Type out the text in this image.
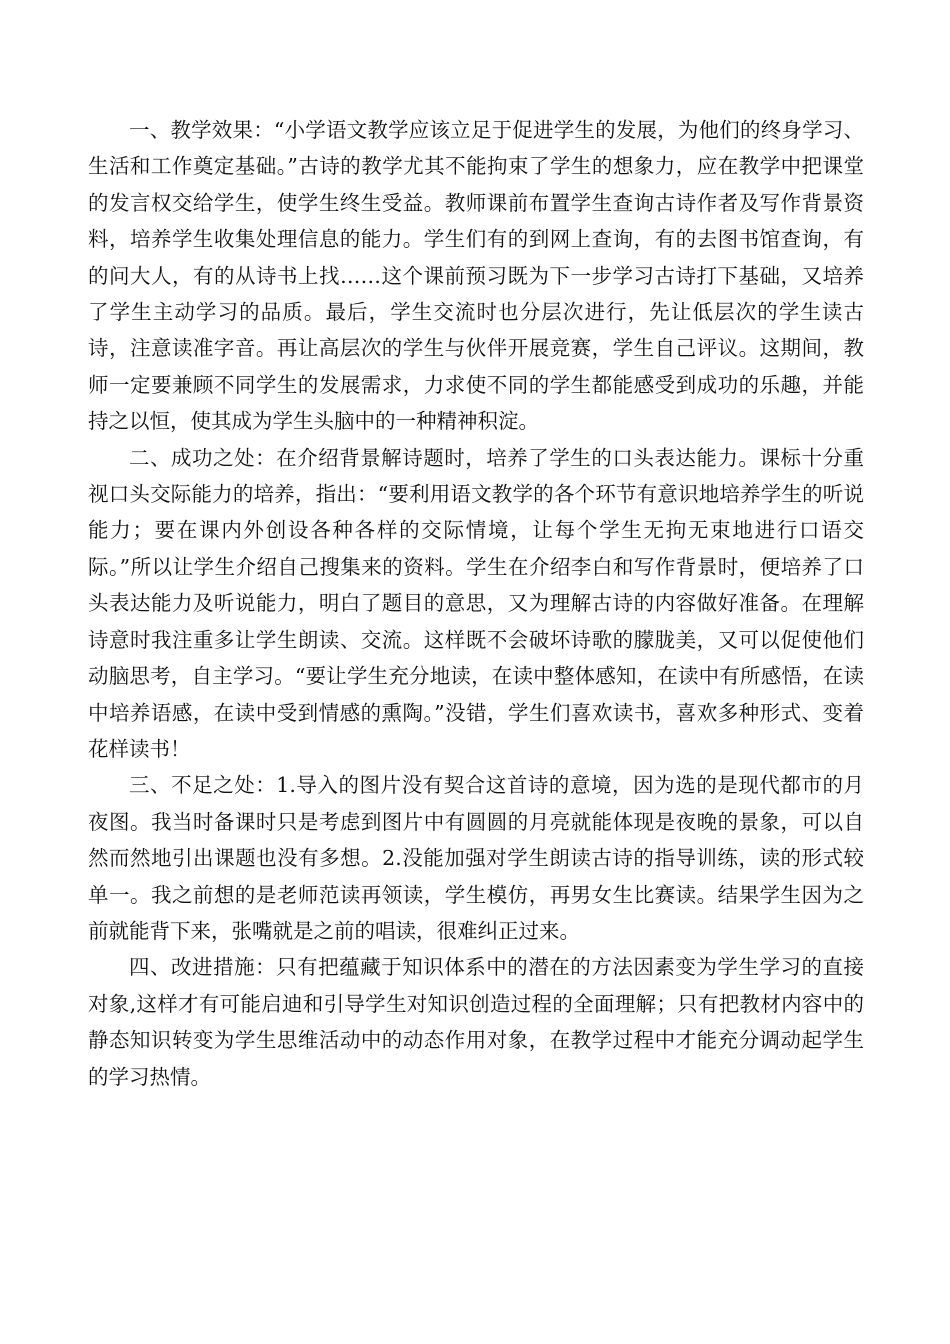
一、教学效果：“小学语文教学应该立足于促进学生的发展，为他们的终身学习、生活和工作奠定基础。”古诗的教学尤其不能拘束了学生的想象力，应在教学中把课堂的发言权交给学生，使学生终生受益。教师课前布置学生查询古诗作者及写作背景资料，培养学生收集处理信息的能力。学生们有的到网上查询，有的去图书馆查询，有的问大人，有的从诗书上找……这个课前预习既为下一步学习古诗打下基础，又培养了学生主动学习的品质。最后，学生交流时也分层次进行，先让低层次的学生读古诗，注意读准字音。再让高层次的学生与伙伴开展竞赛，学生自己评议。这期间，教师一定要兼顾不同学生的发展需求，力求使不同的学生都能感受到成功的乐趣，并能持之以恒，使其成为学生头脑中的一种精神积淀。

二、成功之处：在介绍背景解诗题时，培养了学生的口头表达能力。课标十分重视口头交际能力的培养，指出：“要利用语文教学的各个环节有意识地培养学生的听说能力；要在课内外创设各种各样的交际情境，让每个学生无拘无束地进行口语交际。”所以让学生介绍自己搜集来的资料。学生在介绍李白和写作背景时，便培养了口头表达能力及听说能力，明白了题目的意思，又为理解古诗的内容做好准备。在理解诗意时我注重多让学生朗读、交流。这样既不会破坏诗歌的朦胧美，又可以促使他们动脑思考，自主学习。“要让学生充分地读，在读中整体感知，在读中有所感悟，在读中培养语感，在读中受到情感的熏陶。”没错，学生们喜欢读书，喜欢多种形式、变着花样读书！

三、不足之处：1.导入的图片没有契合这首诗的意境，因为选的是现代都市的月夜图。我当时备课时只是考虑到图片中有圆圆的月亮就能体现是夜晚的景象，可以自然而然地引出课题也没有多想。2.没能加强对学生朗读古诗的指导训练，读的形式较单一。我之前想的是老师范读再领读，学生模仿，再男女生比赛读。结果学生因为之前就能背下来，张嘴就是之前的唱读，很难纠正过来。

四、改进措施：只有把蕴藏于知识体系中的潜在的方法因素变为学生学习的直接对象,这样才有可能启迪和引导学生对知识创造过程的全面理解；只有把教材内容中的静态知识转变为学生思维活动中的动态作用对象，在教学过程中才能充分调动起学生的学习热情。
